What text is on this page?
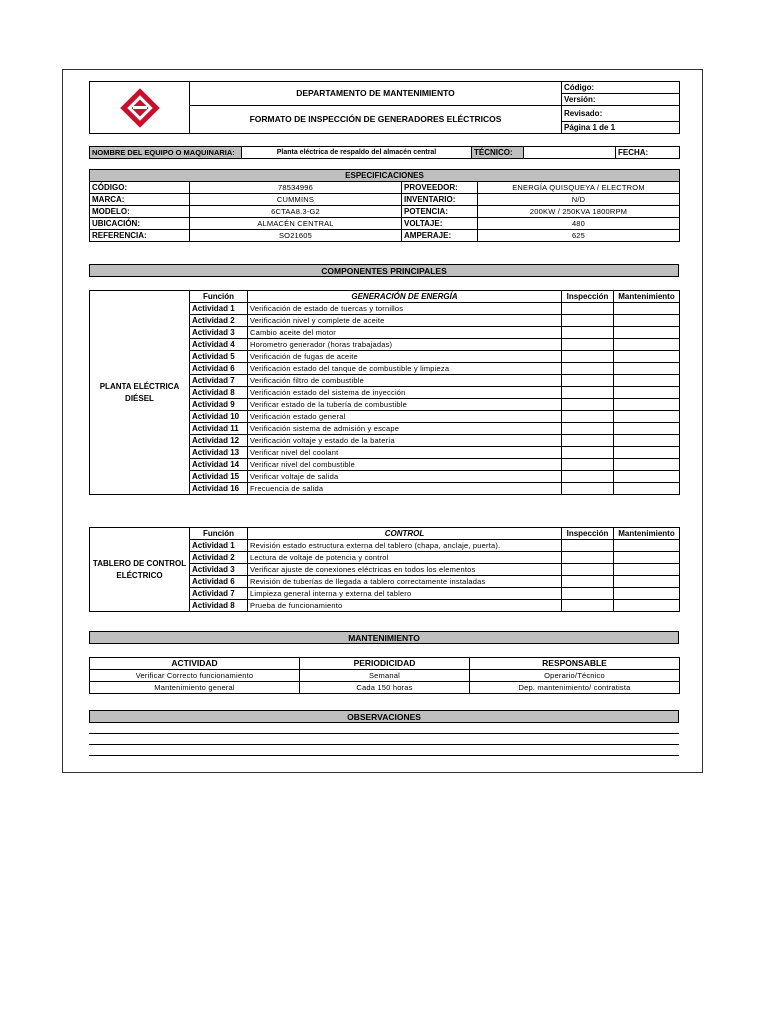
	DEPARTAMENTO DE MANTENIMIENTO	Código:
		Versión:
	FORMATO DE INSPECCIÓN DE GENERADORES ELÉCTRICOS	Revisado:
		Página 1 de 1
NOMBRE DEL EQUIPO O MAQUINARIA:	Planta eléctrica de respaldo del almacén central	TÉCNICO:		FECHA:
ESPECIFICACIONES			
CÓDIGO:	78534996	PROVEEDOR:	ENERGÍA QUISQUEYA / ELECTROM
MARCA:	CUMMINS	INVENTARIO:	N/D
MODELO:	6CTAA8.3-G2	POTENCIA:	200KW / 250KVA 1800RPM
UBICACIÓN:	ALMACÉN CENTRAL	VOLTAJE:	480
REFERENCIA:	SO21605	AMPERAJE:	625
COMPONENTES PRINCIPALES
PLANTA ELÉCTRICA DIÉSEL	Función	GENERACIÓN DE ENERGÍA	Inspección	Mantenimiento
	Actividad 1	Verificación de estado de tuercas y tornillos		
	Actividad 2	Verificación nivel y complete de aceite		
	Actividad 3	Cambio aceite del motor		
	Actividad 4	Horometro generador (horas trabajadas)		
	Actividad 5	Verificación de fugas de aceite		
	Actividad 6	Verificación estado del tanque de combustible y limpieza		
	Actividad 7	Verificación filtro de combustible		
	Actividad 8	Verificación estado del sistema de inyección		
	Actividad 9	Verificar estado de la tubería de combustible		
	Actividad 10	Verificación estado general		
	Actividad 11	Verificación sistema de admisión y escape		
	Actividad 12	Verificación voltaje y estado de la batería		
	Actividad 13	Verificar nivel del coolant		
	Actividad 14	Verificar nivel del combustible		
	Actividad 15	Verificar voltaje de salida		
	Actividad 16	Frecuencia de salida		
TABLERO DE CONTROL ELÉCTRICO	Función	CONTROL	Inspección	Mantenimiento
	Actividad 1	Revisión estado estructura externa del tablero (chapa, anclaje, puerta).		
	Actividad 2	Lectura de voltaje de potencia y control		
	Actividad 3	Verificar ajuste de conexiones eléctricas en todos los elementos		
	Actividad 6	Revisión de tuberías de llegada a tablero correctamente instaladas		
	Actividad 7	Limpieza general interna y externa del tablero		
	Actividad 8	Prueba de funcionamiento		
MANTENIMIENTO
ACTIVIDAD	PERIODICIDAD	RESPONSABLE
Verificar Correcto funcionamiento	Semanal	Operario/Técnico
Mantenimiento general	Cada 150 horas	Dep. mantenimiento/ contratista
OBSERVACIONES
